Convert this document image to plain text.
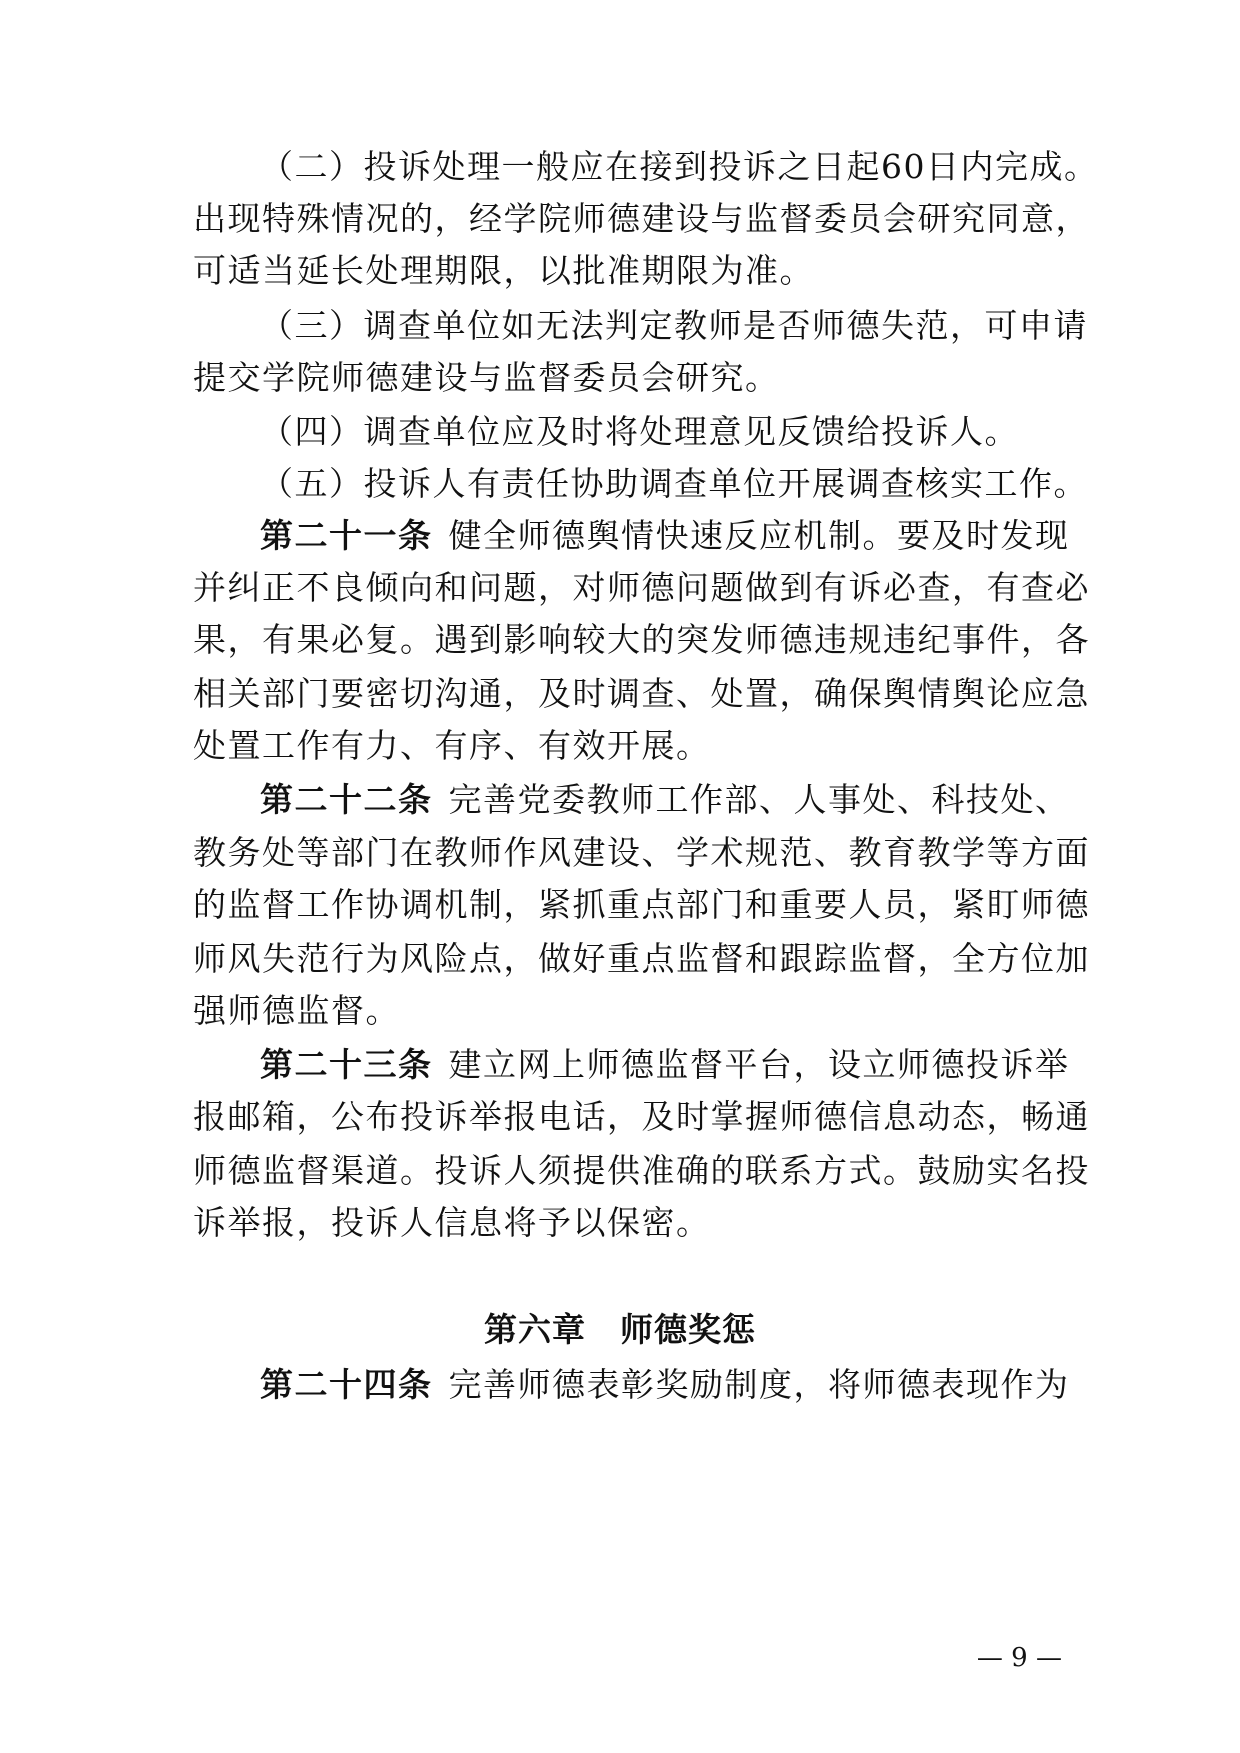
（二）投诉处理一般应在接到投诉之日起60日内完成。
出现特殊情况的，经学院师德建设与监督委员会研究同意，
可适当延长处理期限，以批准期限为准。
（三）调查单位如无法判定教师是否师德失范，可申请
提交学院师德建设与监督委员会研究。
（四）调查单位应及时将处理意见反馈给投诉人。
（五）投诉人有责任协助调查单位开展调查核实工作。
第二十一条 健全师德舆情快速反应机制。要及时发现
并纠正不良倾向和问题，对师德问题做到有诉必查，有查必
果，有果必复。遇到影响较大的突发师德违规违纪事件，各
相关部门要密切沟通，及时调查、处置，确保舆情舆论应急
处置工作有力、有序、有效开展。
第二十二条 完善党委教师工作部、人事处、科技处、
教务处等部门在教师作风建设、学术规范、教育教学等方面
的监督工作协调机制，紧抓重点部门和重要人员，紧盯师德
师风失范行为风险点，做好重点监督和跟踪监督，全方位加
强师德监督。
第二十三条 建立网上师德监督平台，设立师德投诉举
报邮箱，公布投诉举报电话，及时掌握师德信息动态，畅通
师德监督渠道。投诉人须提供准确的联系方式。鼓励实名投
诉举报，投诉人信息将予以保密。
第六章　师德奖惩
第二十四条 完善师德表彰奖励制度，将师德表现作为
— 9 —
